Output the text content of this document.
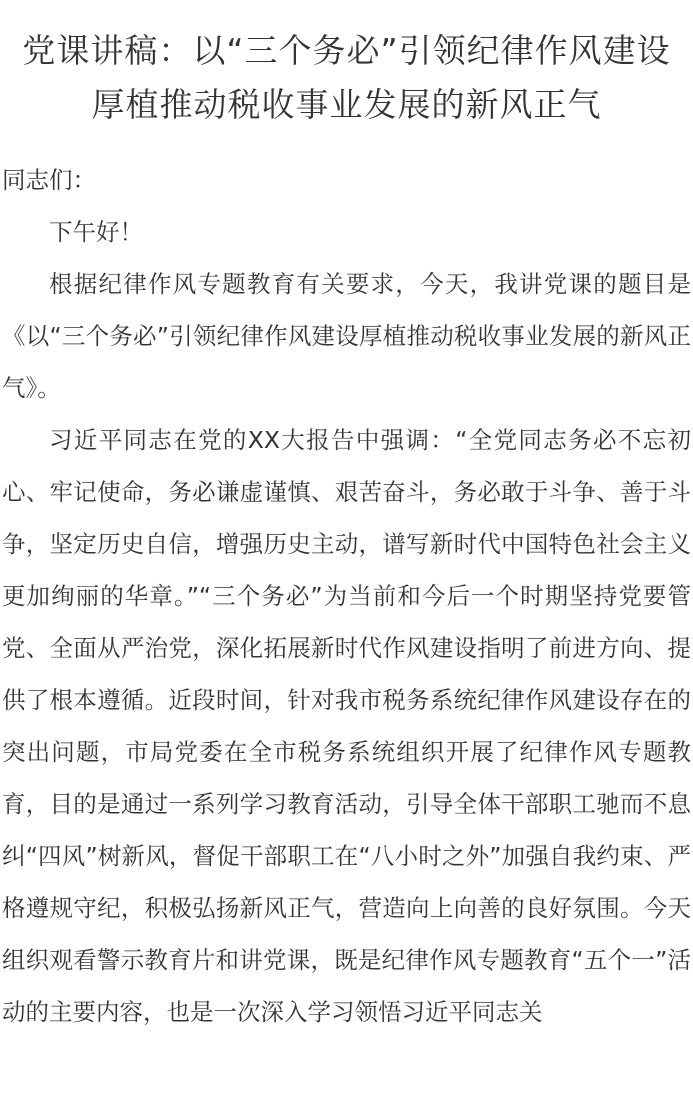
党课讲稿：以“三个务必”引领纪律作风建设
厚植推动税收事业发展的新风正气

同志们：

下午好！

根据纪律作风专题教育有关要求，今天，我讲党课的题目是《以“三个务必”引领纪律作风建设厚植推动税收事业发展的新风正气》。

习近平同志在党的XX大报告中强调：“全党同志务必不忘初心、牢记使命，务必谦虚谨慎、艰苦奋斗，务必敢于斗争、善于斗争，坚定历史自信，增强历史主动，谱写新时代中国特色社会主义更加绚丽的华章。”“三个务必”为当前和今后一个时期坚持党要管党、全面从严治党，深化拓展新时代作风建设指明了前进方向、提供了根本遵循。近段时间，针对我市税务系统纪律作风建设存在的突出问题，市局党委在全市税务系统组织开展了纪律作风专题教育，目的是通过一系列学习教育活动，引导全体干部职工驰而不息纠“四风”树新风，督促干部职工在“八小时之外”加强自我约束、严格遵规守纪，积极弘扬新风正气，营造向上向善的良好氛围。今天组织观看警示教育片和讲党课，既是纪律作风专题教育“五个一”活动的主要内容，也是一次深入学习领悟习近平同志关
